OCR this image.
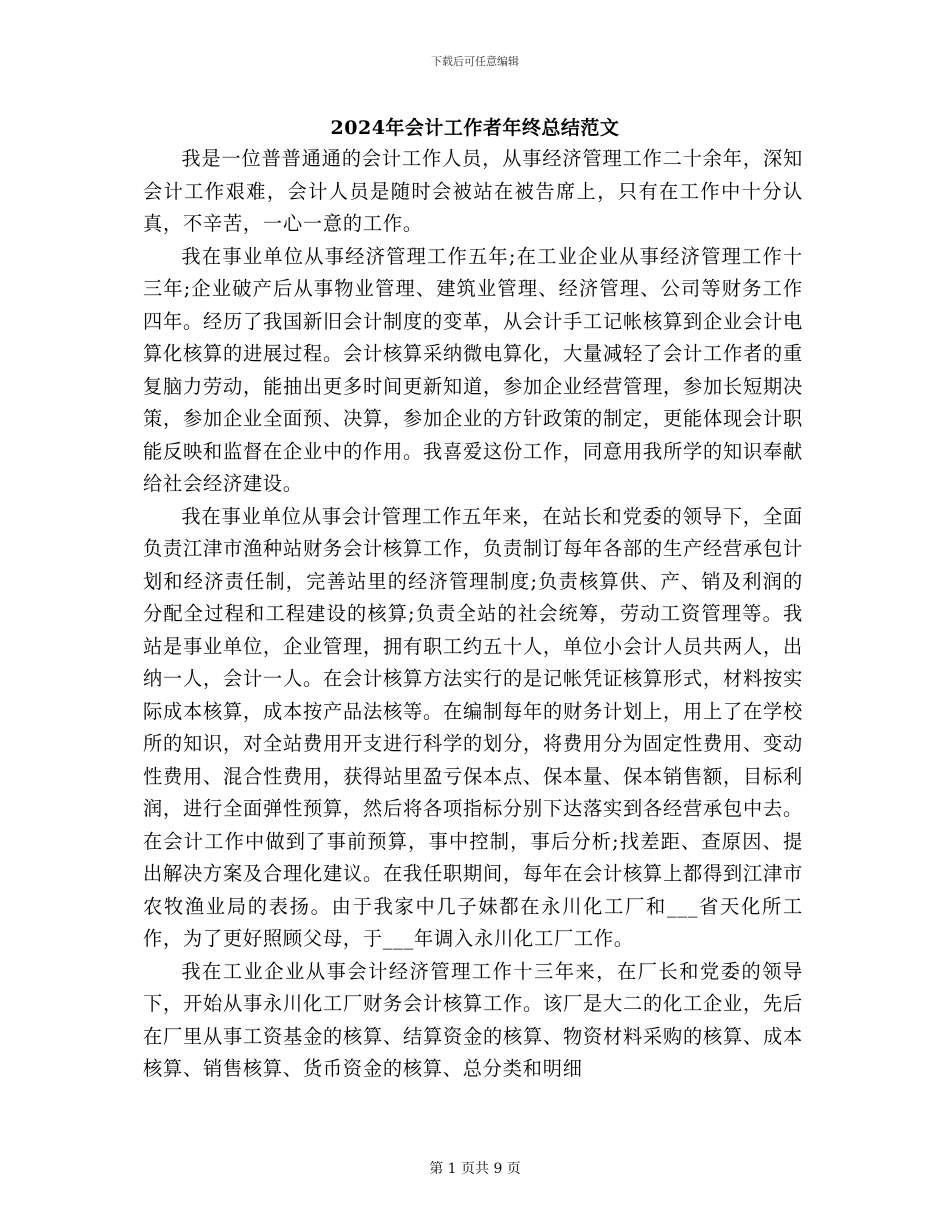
下载后可任意编辑
2024年会计工作者年终总结范文

我是一位普普通通的会计工作人员，从事经济管理工作二十余年，深知会计工作艰难，会计人员是随时会被站在被告席上，只有在工作中十分认真，不辛苦，一心一意的工作。

我在事业单位从事经济管理工作五年;在工业企业从事经济管理工作十三年;企业破产后从事物业管理、建筑业管理、经济管理、公司等财务工作四年。经历了我国新旧会计制度的变革，从会计手工记帐核算到企业会计电算化核算的进展过程。会计核算采纳微电算化，大量减轻了会计工作者的重复脑力劳动，能抽出更多时间更新知道，参加企业经营管理，参加长短期决策，参加企业全面预、决算，参加企业的方针政策的制定，更能体现会计职能反映和监督在企业中的作用。我喜爱这份工作，同意用我所学的知识奉献给社会经济建设。

我在事业单位从事会计管理工作五年来，在站长和党委的领导下，全面负责江津市渔种站财务会计核算工作，负责制订每年各部的生产经营承包计划和经济责任制，完善站里的经济管理制度;负责核算供、产、销及利润的分配全过程和工程建设的核算;负责全站的社会统筹，劳动工资管理等。我站是事业单位，企业管理，拥有职工约五十人，单位小会计人员共两人，出纳一人，会计一人。在会计核算方法实行的是记帐凭证核算形式，材料按实际成本核算，成本按产品法核等。在编制每年的财务计划上，用上了在学校所的知识，对全站费用开支进行科学的划分，将费用分为固定性费用、变动性费用、混合性费用，获得站里盈亏保本点、保本量、保本销售额，目标利润，进行全面弹性预算，然后将各项指标分别下达落实到各经营承包中去。在会计工作中做到了事前预算，事中控制，事后分析;找差距、查原因、提出解决方案及合理化建议。在我任职期间，每年在会计核算上都得到江津市农牧渔业局的表扬。由于我家中几子妹都在永川化工厂和___省天化所工作，为了更好照顾父母，于___年调入永川化工厂工作。

我在工业企业从事会计经济管理工作十三年来，在厂长和党委的领导下，开始从事永川化工厂财务会计核算工作。该厂是大二的化工企业，先后在厂里从事工资基金的核算、结算资金的核算、物资材料采购的核算、成本核算、销售核算、货币资金的核算、总分类和明细

第 1 页共 9 页
